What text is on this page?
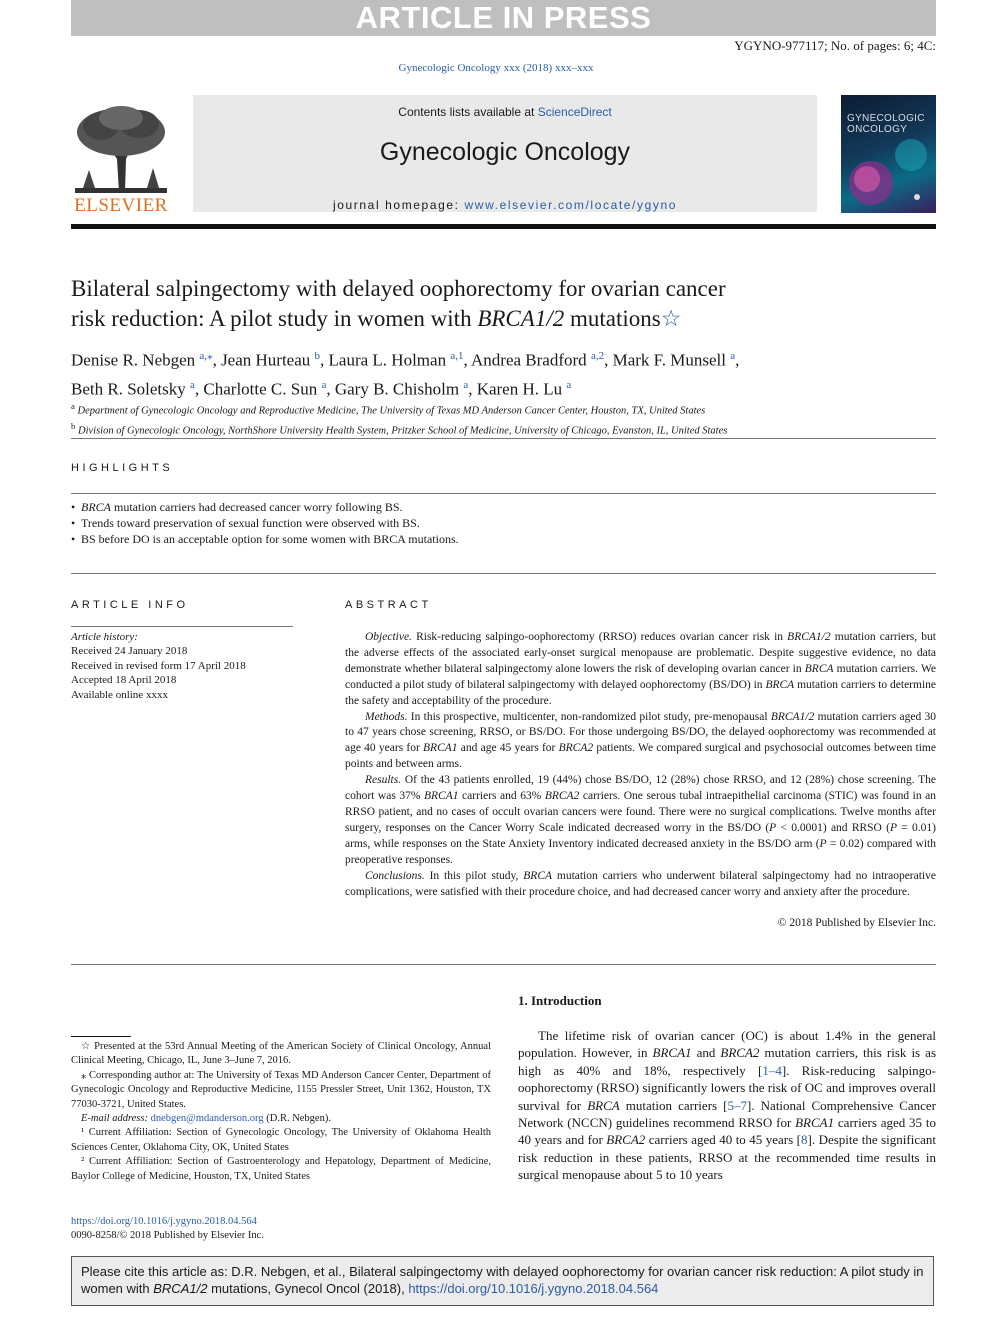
ARTICLE IN PRESS
YGYNO-977117; No. of pages: 6; 4C:
Gynecologic Oncology xxx (2018) xxx–xxx
ELSEVIER
Contents lists available at ScienceDirect
Gynecologic Oncology
journal homepage: www.elsevier.com/locate/ygyno
GYNECOLOGIC
ONCOLOGY
Bilateral salpingectomy with delayed oophorectomy for ovarian cancer
risk reduction: A pilot study in women with BRCA1/2 mutations☆
Denise R. Nebgen $^{a,⁎}$, Jean Hurteau $^b$, Laura L. Holman $^{a,1}$, Andrea Bradford $^{a,2}$, Mark F. Munsell $^a$,
Beth R. Soletsky $^a$, Charlotte C. Sun $^a$, Gary B. Chisholm $^a$, Karen H. Lu $^a$
$^a$ Department of Gynecologic Oncology and Reproductive Medicine, The University of Texas MD Anderson Cancer Center, Houston, TX, United States
$^b$ Division of Gynecologic Oncology, NorthShore University Health System, Pritzker School of Medicine, University of Chicago, Evanston, IL, United States
HIGHLIGHTS
• BRCA mutation carriers had decreased cancer worry following BS.
• Trends toward preservation of sexual function were observed with BS.
• BS before DO is an acceptable option for some women with BRCA mutations.
ARTICLE INFO
Article history:
Received 24 January 2018
Received in revised form 17 April 2018
Accepted 18 April 2018
Available online xxxx
ABSTRACT

Objective. Risk-reducing salpingo-oophorectomy (RRSO) reduces ovarian cancer risk in BRCA1/2 mutation carriers, but the adverse effects of the associated early-onset surgical menopause are problematic. Despite suggestive evidence, no data demonstrate whether bilateral salpingectomy alone lowers the risk of developing ovarian cancer in BRCA mutation carriers. We conducted a pilot study of bilateral salpingectomy with delayed oophorectomy (BS/DO) in BRCA mutation carriers to determine the safety and acceptability of the procedure.

Methods. In this prospective, multicenter, non-randomized pilot study, pre-menopausal BRCA1/2 mutation carriers aged 30 to 47 years chose screening, RRSO, or BS/DO. For those undergoing BS/DO, the delayed oophorectomy was recommended at age 40 years for BRCA1 and age 45 years for BRCA2 patients. We compared surgical and psychosocial outcomes between time points and between arms.

Results. Of the 43 patients enrolled, 19 (44%) chose BS/DO, 12 (28%) chose RRSO, and 12 (28%) chose screening. The cohort was 37% BRCA1 carriers and 63% BRCA2 carriers. One serous tubal intraepithelial carcinoma (STIC) was found in an RRSO patient, and no cases of occult ovarian cancers were found. There were no surgical complications. Twelve months after surgery, responses on the Cancer Worry Scale indicated decreased worry in the BS/DO (P < 0.0001) and RRSO (P = 0.01) arms, while responses on the State Anxiety Inventory indicated decreased anxiety in the BS/DO arm (P = 0.02) compared with preoperative responses.

Conclusions. In this pilot study, BRCA mutation carriers who underwent bilateral salpingectomy had no intraoperative complications, were satisfied with their procedure choice, and had decreased cancer worry and anxiety after the procedure.

© 2018 Published by Elsevier Inc.
1. Introduction

The lifetime risk of ovarian cancer (OC) is about 1.4% in the general population. However, in BRCA1 and BRCA2 mutation carriers, this risk is as high as 40% and 18%, respectively [1–4]. Risk-reducing salpingo-oophorectomy (RRSO) significantly lowers the risk of OC and improves overall survival for BRCA mutation carriers [5–7]. National Comprehensive Cancer Network (NCCN) guidelines recommend RRSO for BRCA1 carriers aged 35 to 40 years and for BRCA2 carriers aged 40 to 45 years [8]. Despite the significant risk reduction in these patients, RRSO at the recommended time results in surgical menopause about 5 to 10 years

☆ Presented at the 53rd Annual Meeting of the American Society of Clinical Oncology, Annual Clinical Meeting, Chicago, IL, June 3–June 7, 2016.
⁎ Corresponding author at: The University of Texas MD Anderson Cancer Center, Department of Gynecologic Oncology and Reproductive Medicine, 1155 Pressler Street, Unit 1362, Houston, TX 77030-3721, United States.
E-mail address: dnebgen@mdanderson.org (D.R. Nebgen).
¹ Current Affiliation: Section of Gynecologic Oncology, The University of Oklahoma Health Sciences Center, Oklahoma City, OK, United States
² Current Affiliation: Section of Gastroenterology and Hepatology, Department of Medicine, Baylor College of Medicine, Houston, TX, United States
https://doi.org/10.1016/j.ygyno.2018.04.564
0090-8258/© 2018 Published by Elsevier Inc.
Please cite this article as: D.R. Nebgen, et al., Bilateral salpingectomy with delayed oophorectomy for ovarian cancer risk reduction: A pilot study in women with BRCA1/2 mutations, Gynecol Oncol (2018), https://doi.org/10.1016/j.ygyno.2018.04.564
